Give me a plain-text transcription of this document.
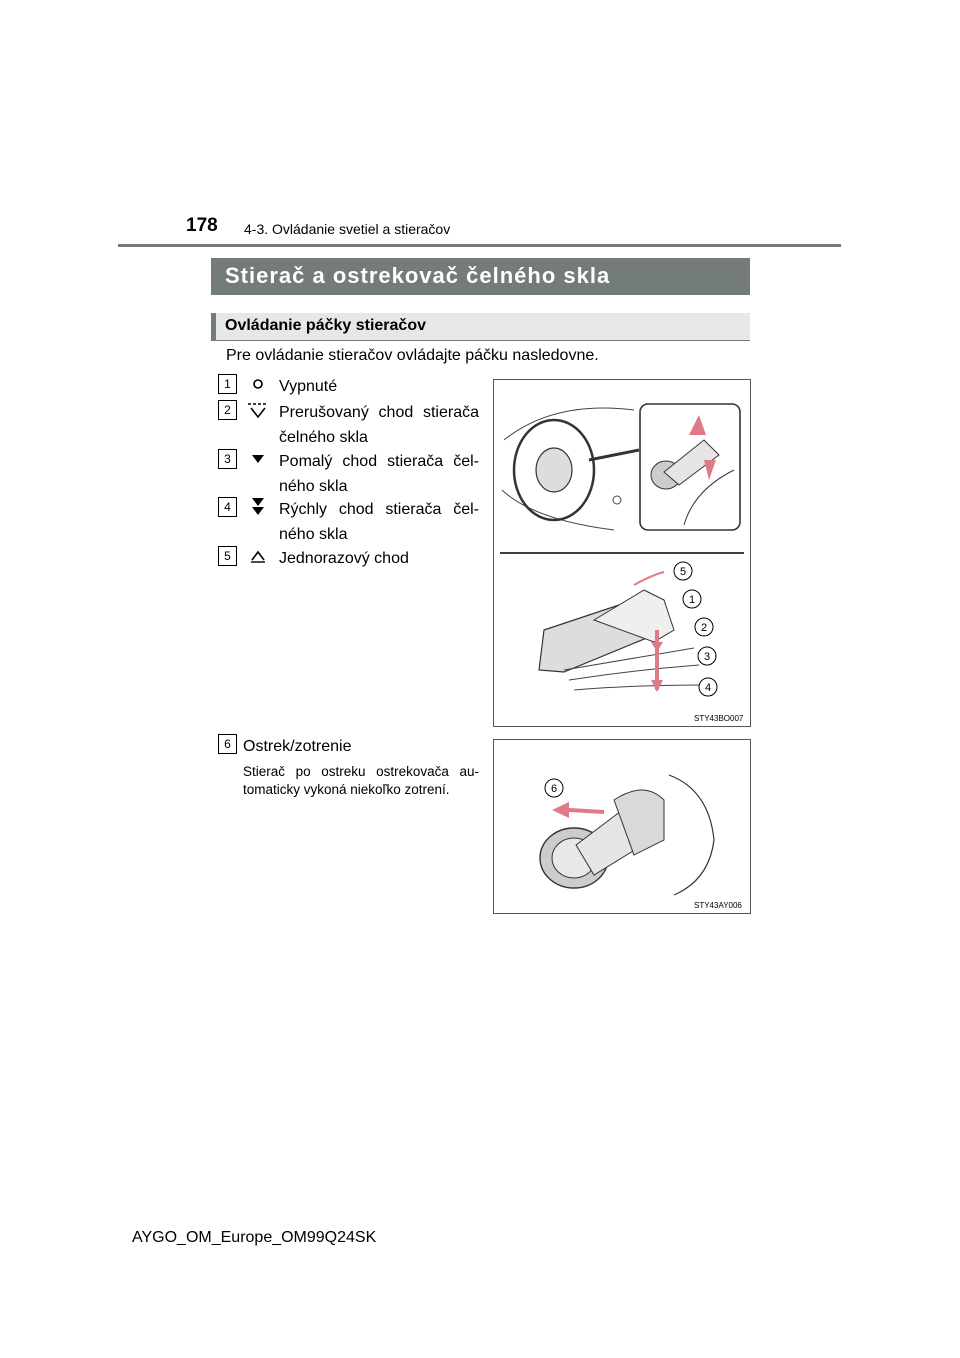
178 4-3. Ovládanie svetiel a stieračov
Stierač a ostrekovač čelného skla
Ovládanie páčky stieračov
Pre ovládanie stieračov ovládajte páčku nasledovne.
1	Vypnuté
2	Prerušovaný chod stierača čelného skla
3	Pomalý chod stierača čel-ného skla
4	Rýchly chod stierača čel-ného skla
5	Jednorazový chod
6 Ostrek/zotrenie
Stierač po ostreku ostrekovača au-tomaticky vykoná niekoľko zotrení.
5
1
2
3
4
STY43BO007
6
STY43AY006
AYGO_OM_Europe_OM99Q24SK
